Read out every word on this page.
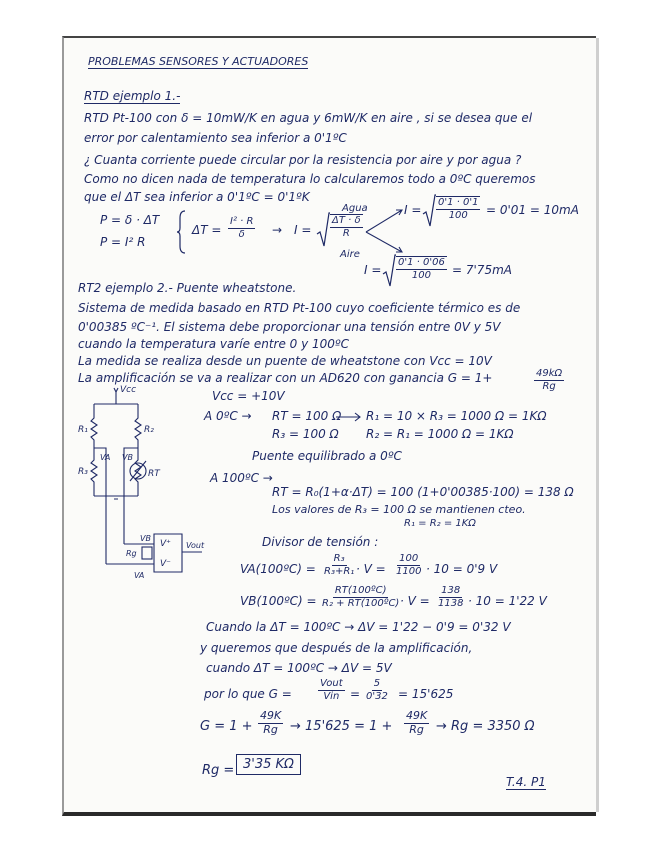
PROBLEMAS SENSORES Y ACTUADORES

RTD ejemplo 1.-

RTD Pt-100 con δ = 10mW/K en agua y 6mW/K en aire , si se desea que el

error por calentamiento sea inferior a 0'1ºC

¿ Cuanta corriente puede circular por la resistencia por aire y por agua ?

Como no dicen nada de temperatura lo calcularemos todo a 0ºC queremos

que el ΔT sea inferior a 0'1ºC = 0'1ºK

P = δ · ΔT

P = I² R

$\Delta T = \frac{\text{I² · R}}{\delta} \to I = \frac{\Delta T \cdot \delta}{R}$

Agua

Aire

$I = \frac{0'1 \cdot 0'1}{100} = 0'01 = 10mA$

$I = \frac{0'1 \cdot 0'06}{100} = 7'75mA$

RT2 ejemplo 2.- Puente wheatstone.

Sistema de medida basado en RTD Pt-100 cuyo coeficiente térmico es de

0'00385 ºC⁻¹. El sistema debe proporcionar una tensión entre 0V y 5V

cuando la temperatura varíe entre 0 y 100ºC

La medida se realiza desde un puente de wheatstone con Vcc = 10V

La amplificación se va a realizar con un AD620 con ganancia G = 1+	$\frac{49k\Omega}{Rg}$
Vcc
R₁	R₂
R₃	RT
VA VB
VB
VA
Rg
V⁺
V⁻
Vout

Vcc = +10V

A 0ºC → RT = 100 Ω

R₃ = 100 Ω

R₁ = 10 × R₃ = 1000 Ω = 1KΩ

R₂ = R₁ = 1000 Ω = 1KΩ

Puente equilibrado a 0ºC

A 100ºC →

RT = R₀(1+α·ΔT) = 100 (1+0'00385·100) = 138 Ω

Los valores de R₃ = 100 Ω se mantienen cteo.

R₁ = R₂ = 1KΩ

Divisor de tensión :

VA(100ºC) = $\frac{\text{R₃}}{\text{R₃+R₁}} \cdot V = \frac{100}{1100} \cdot 10 = 0'9$ V

VB(100ºC) = $\frac{\text{RT(100ºC)}}{\text{R₂ + RT(100ºC)}}$

· $V = \frac{138}{1138} \cdot 10 = 1'22$ V

Cuando la ΔT = 100ºC → ΔV = 1'22 − 0'9 = 0'32 V

y queremos que después de la amplificación,

cuando ΔT = 100ºC → ΔV = 5V

por lo que G =

Vout
Vin = $\frac{5}{0'32} = 15'625$

$G = 1 + \frac{49K}{Rg} \to 15'625 = 1 + \frac{49K}{Rg} \to Rg = 3350$ Ω

Rg = 3'35 KΩ

T.4. P1
